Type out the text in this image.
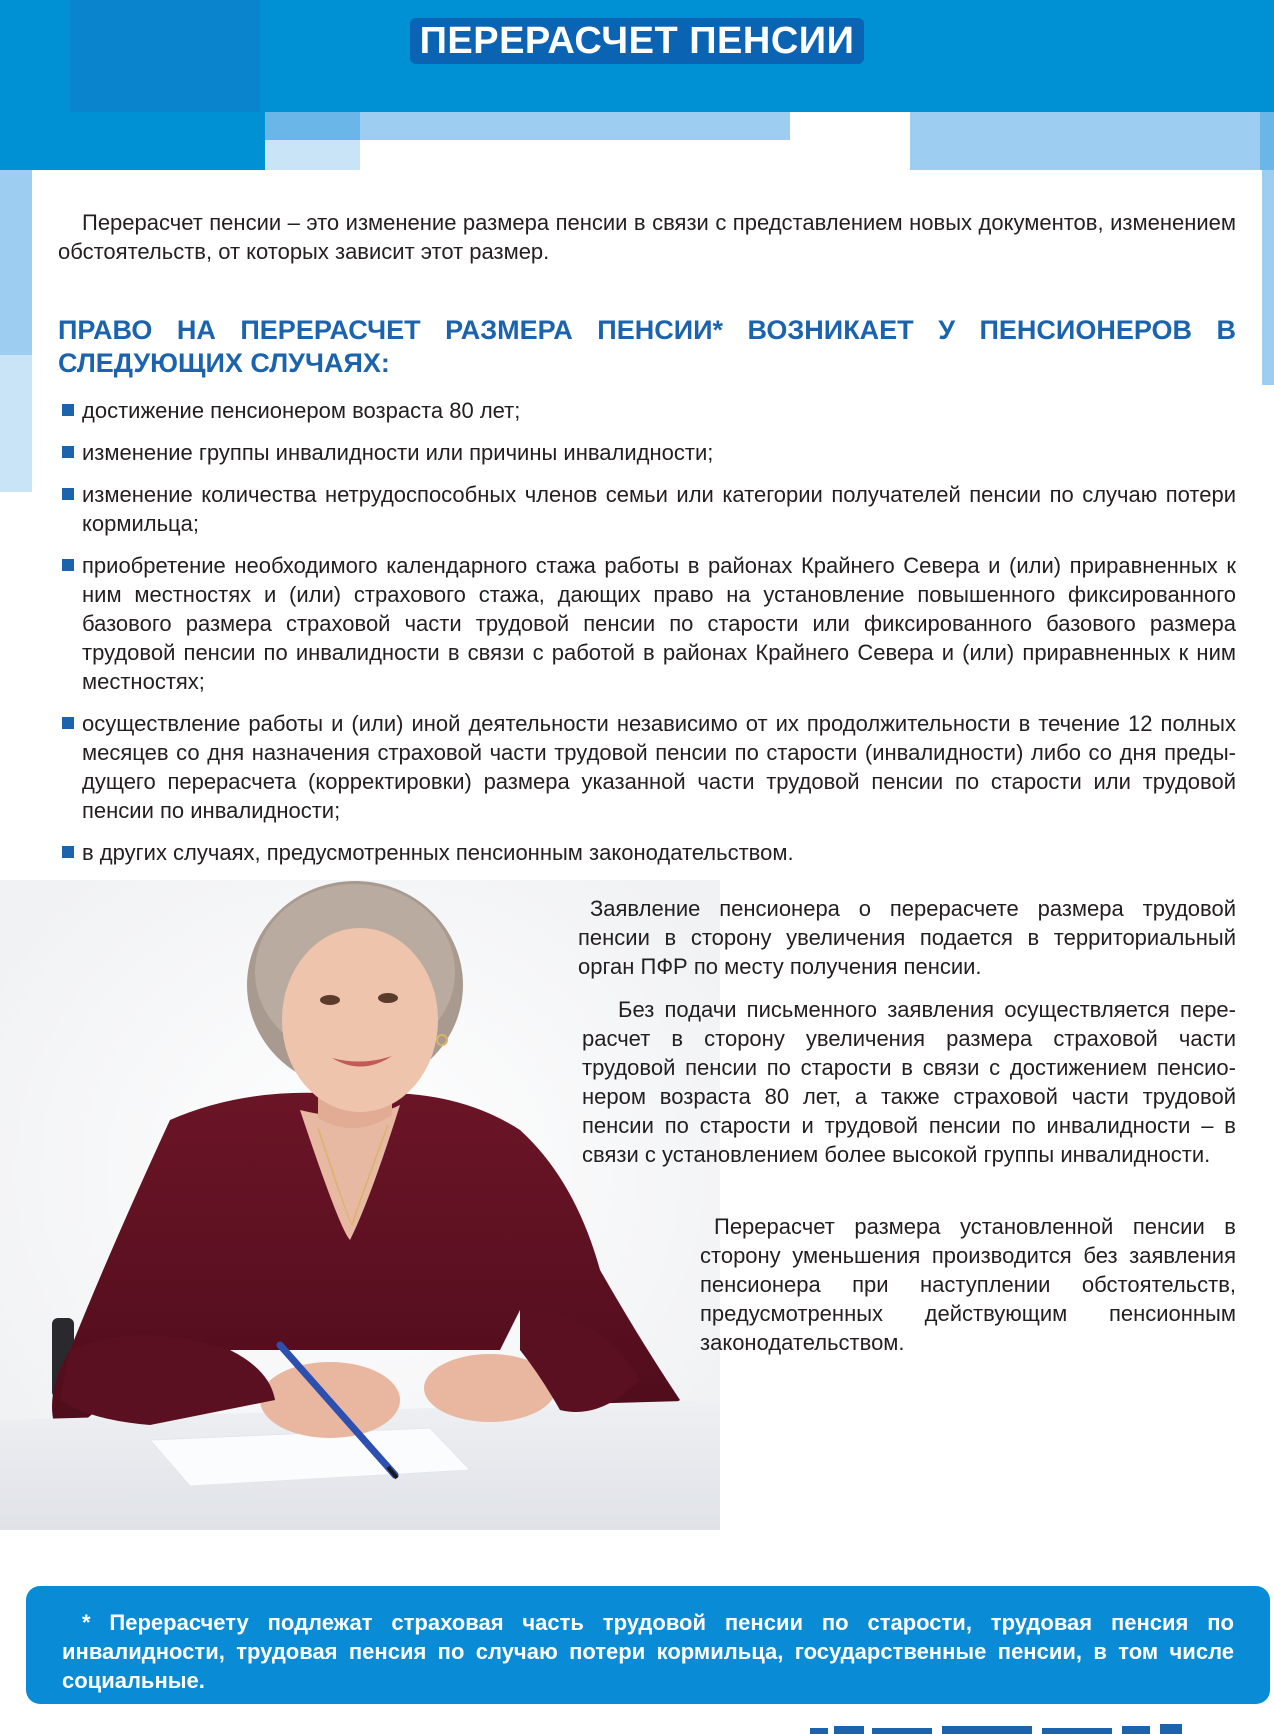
ПЕРЕРАСЧЕТ ПЕНСИИ

Перерасчет пенсии – это изменение размера пенсии в связи с представлением новых документов, изменением обстоятельств, от которых зависит этот размер.

ПРАВО НА ПЕРЕРАСЧЕТ РАЗМЕРА ПЕНСИИ* ВОЗНИКАЕТ У ПЕНСИОНЕРОВ В СЛЕДУЮЩИХ СЛУЧАЯХ:
достижение пенсионером возраста 80 лет;
изменение группы инвалидности или причины инвалидности;
изменение количества нетрудоспособных членов семьи или категории получателей пенсии по случаю потери кормильца;
приобретение необходимого календарного стажа работы в районах Крайнего Севера и (или) приравненных к ним местностях и (или) страхового стажа, дающих право на установление повышенного фиксированного базового размера страховой части трудовой пенсии по старости или фиксированного базового размера трудовой пенсии по инвалидности в связи с работой в районах Крайнего Севера и (или) приравненных к ним местностях;
осуществление работы и (или) иной деятельности независимо от их продолжительности в течение 12 полных месяцев со дня назначения страховой части трудовой пенсии по старости (инвалидности) либо со дня предыдущего перерасчета (корректировки) размера указанной части трудовой пенсии по старости или трудовой пенсии по инвалидности;
в других случаях, предусмотренных пенсионным законодательством.

Заявление пенсионера о перерасчете размера трудовой пенсии в сторону увеличения подается в территориальный орган ПФР по месту получения пенсии.

Без подачи письменного заявления осуществляется перерасчет в сторону увеличения размера страховой части трудовой пенсии по старости в связи с достижением пенсионером возраста 80 лет, а также страховой части трудовой пенсии по старости и трудовой пенсии по инвалидности – в связи с установлением более высокой группы инвалидности.

Перерасчет размера установленной пенсии в сторону уменьшения производится без заявления пенсионера при наступлении обстоятельств, предусмотренных действующим пенсионным законодательством.

* Перерасчету подлежат страховая часть трудовой пенсии по старости, трудовая пенсия по инвалидности, трудовая пенсия по случаю потери кормильца, государственные пенсии, в том числе социальные.
